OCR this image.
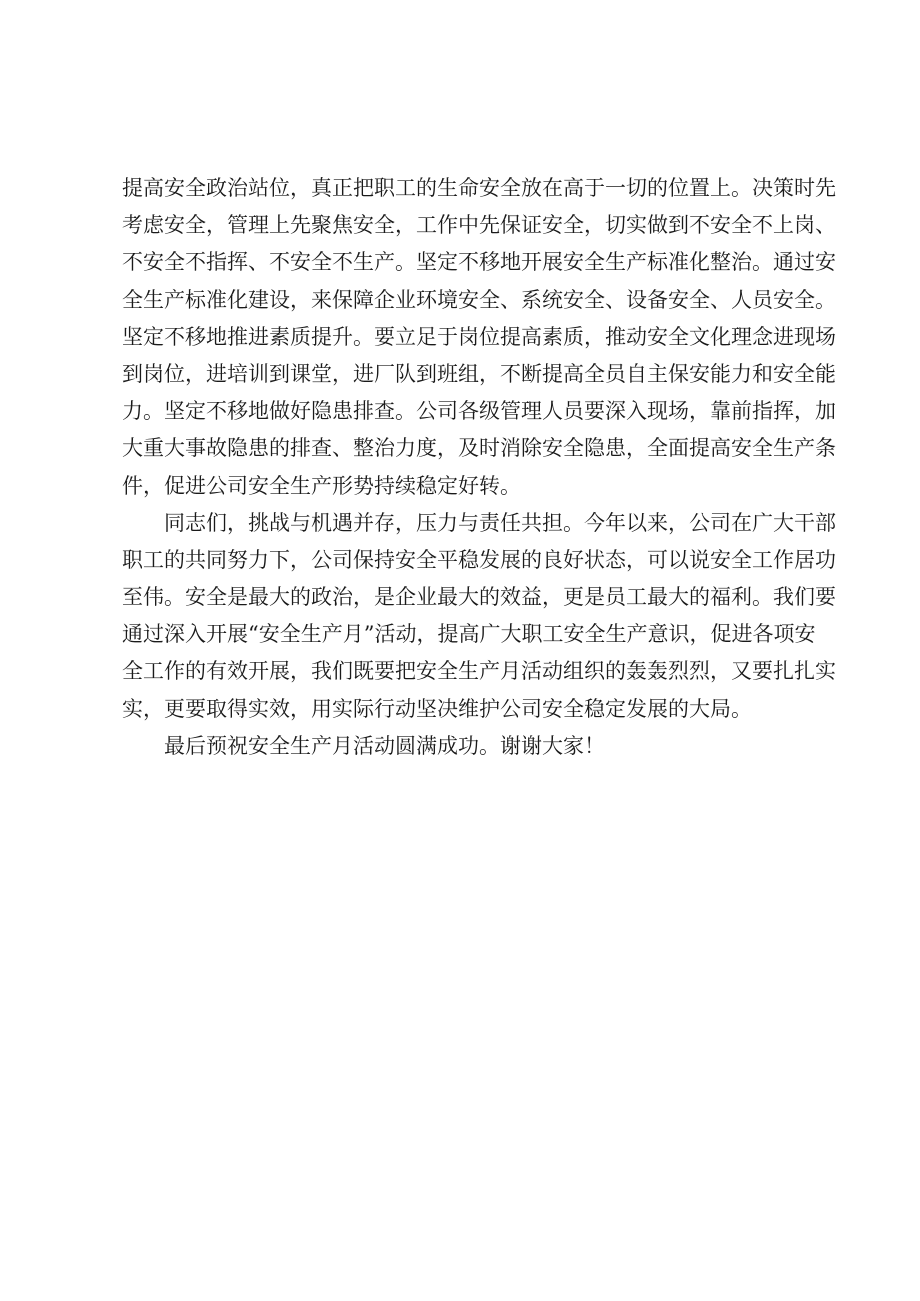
提高安全政治站位，真正把职工的生命安全放在高于一切的位置上。决策时先
考虑安全，管理上先聚焦安全，工作中先保证安全，切实做到不安全不上岗、
不安全不指挥、不安全不生产。坚定不移地开展安全生产标准化整治。通过安
全生产标准化建设，来保障企业环境安全、系统安全、设备安全、人员安全。
坚定不移地推进素质提升。要立足于岗位提高素质，推动安全文化理念进现场
到岗位，进培训到课堂，进厂队到班组，不断提高全员自主保安能力和安全能
力。坚定不移地做好隐患排查。公司各级管理人员要深入现场，靠前指挥，加
大重大事故隐患的排查、整治力度，及时消除安全隐患，全面提高安全生产条
件，促进公司安全生产形势持续稳定好转。
同志们，挑战与机遇并存，压力与责任共担。今年以来，公司在广大干部
职工的共同努力下，公司保持安全平稳发展的良好状态，可以说安全工作居功
至伟。安全是最大的政治，是企业最大的效益，更是员工最大的福利。我们要
通过深入开展“安全生产月”活动，提高广大职工安全生产意识，促进各项安
全工作的有效开展，我们既要把安全生产月活动组织的轰轰烈烈，又要扎扎实
实，更要取得实效，用实际行动坚决维护公司安全稳定发展的大局。
最后预祝安全生产月活动圆满成功。谢谢大家！
